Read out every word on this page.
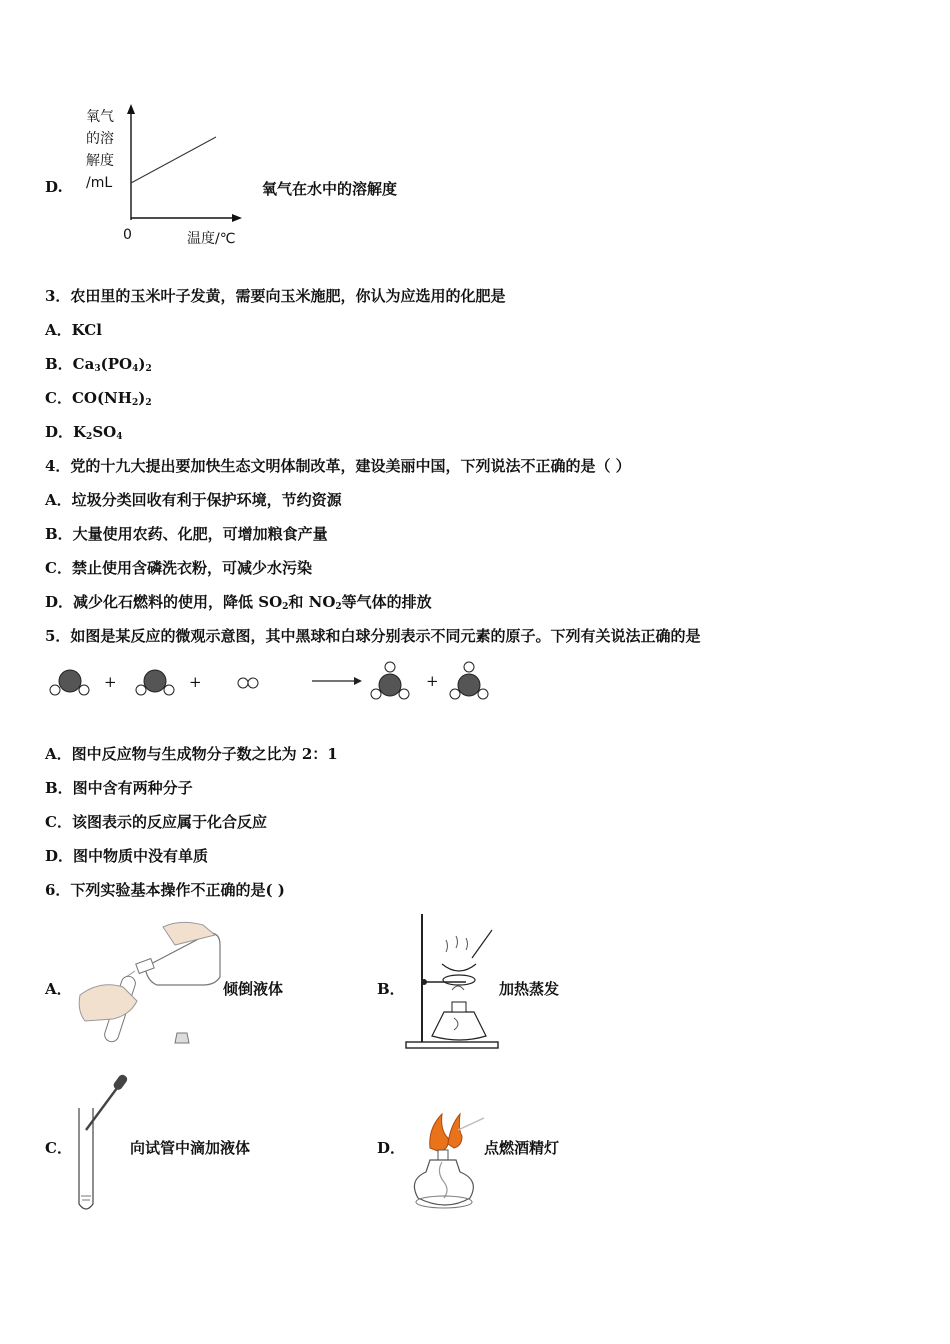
D.
氧气
的溶
解度
/mL
0	温度/℃
氧气在水中的溶解度
3．农田里的玉米叶子发黄，需要向玉米施肥，你认为应选用的化肥是
A．KCl
B．$Ca_3(PO_4)_2$
C．$CO(NH_2)_2$
D．$K_2SO_4$
4．党的十九大提出要加快生态文明体制改革，建设美丽中国，下列说法不正确的是（ ）
A．垃圾分类回收有利于保护环境，节约资源
B．大量使用农药、化肥，可增加粮食产量
C．禁止使用含磷洗衣粉，可减少水污染
D．减少化石燃料的使用，降低 $SO_2$和 $NO_2$等气体的排放
5．如图是某反应的微观示意图，其中黑球和白球分别表示不同元素的原子。下列有关说法正确的是
+	+	+
A．图中反应物与生成物分子数之比为 2：1
B．图中含有两种分子
C．该图表示的反应属于化合反应
D．图中物质中没有单质
6．下列实验基本操作不正确的是( )
A．	倾倒液体	B．	加热蒸发
C．	向试管中滴加液体	D．	点燃酒精灯
